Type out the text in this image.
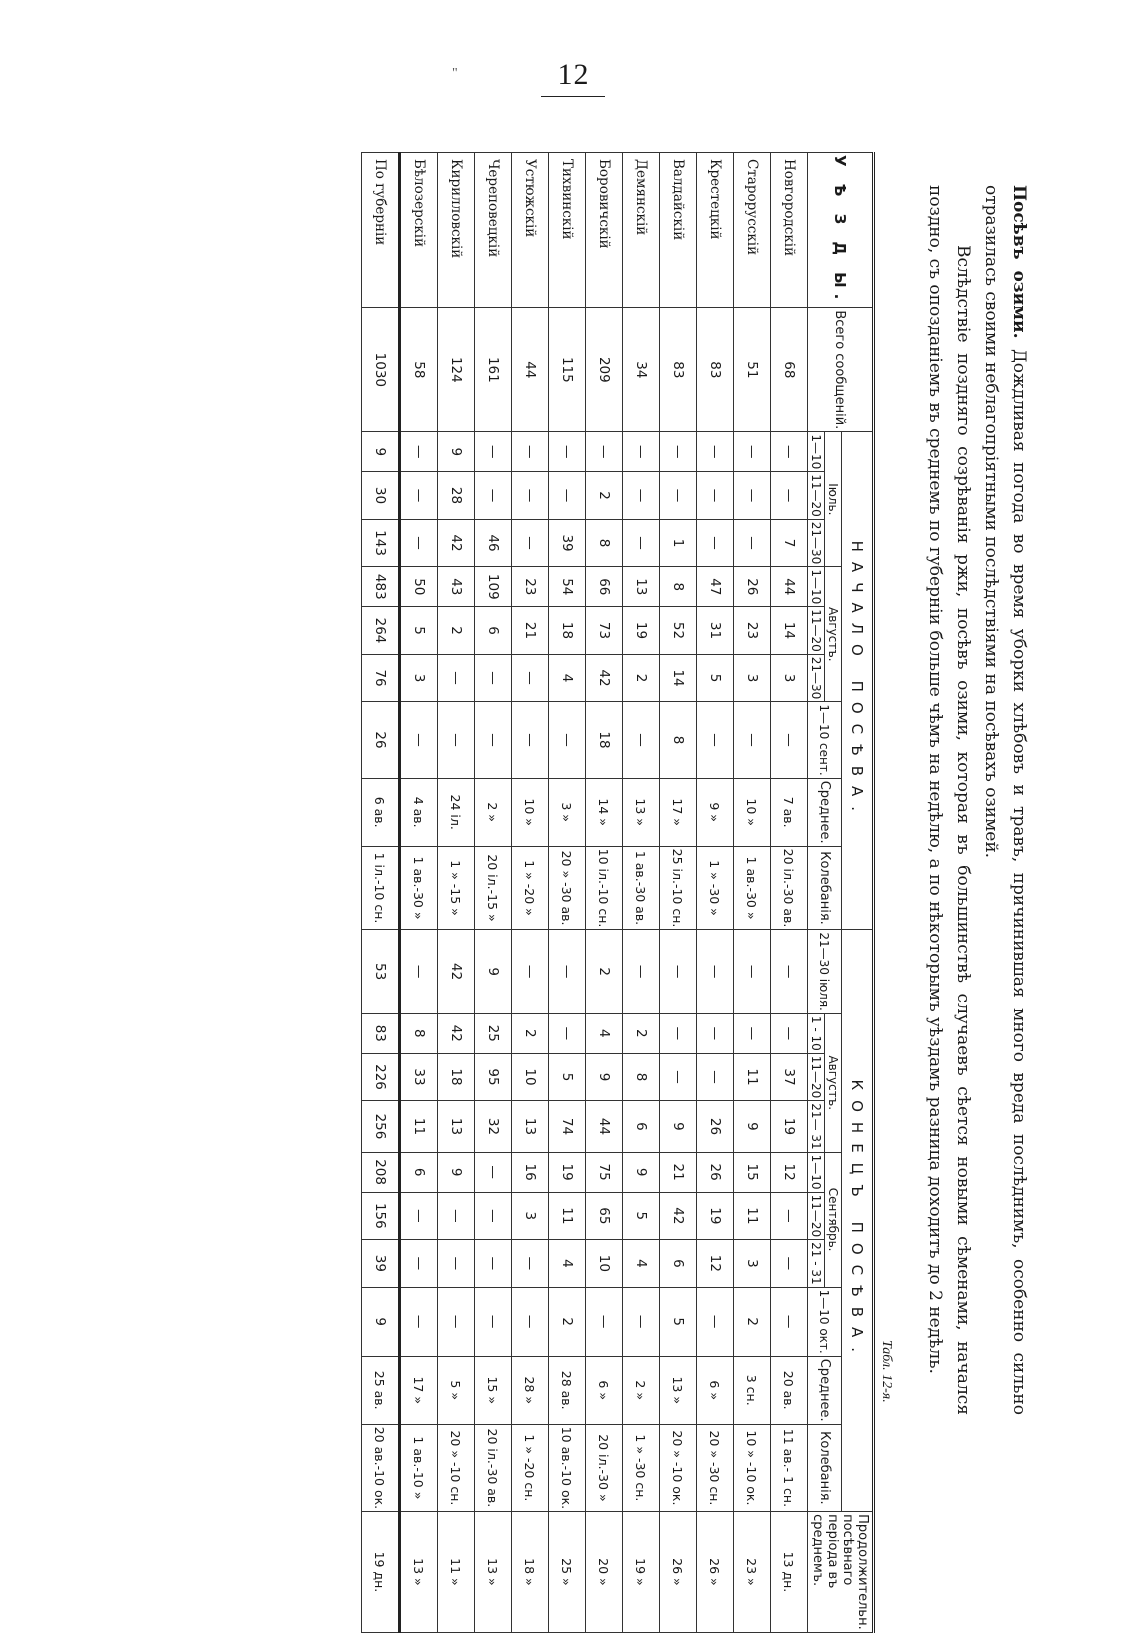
"	12

Посѣвъ озими. Дождливая погода во время уборки хлѣбовъ и травъ, причинившая много вреда послѣднимъ, особенно сильно отразилась своими неблагопріятными послѣдствіями на посѣвахъ озимей.

Вслѣдствіе поздняго созрѣванія ржи, посѣвъ озими, которая въ большинствѣ случаевъ сѣется новыми сѣменами, начался поздно, съ опозданіемъ въ среднемъ по губерніи больше чѣмъ на недѣлю, а по нѣкоторымъ уѣздамъ разница доходитъ до 2 недѣль.

Табл. 12-я.
У Ѣ З Д Ы.	Всего сообщеній.	НАЧАЛО ПОСѢВА.									КОНЕЦЪ ПОСѢВА.										Продолжительн. посѣвнаго періода въ среднемъ.
		Іюль.			Августъ.			1—10 сент.	Среднее.	Колебанія.	21—30 іюля.	Августъ.			Сентябрь.			1—10 окт.	Среднее.	Колебанія.	
		1—10	11—20	21—30	1—10	11—20	21—30					1 - 10	11—20	21— 31	1—10	11—20	21 - 31				
Новгородскій	68	—	—	7	44	14	3	—	7 ав.	20 іл.-30 ав.	—	—	37	19	12	—	—	—	20 ав.	11 ав.- 1 сн.	13 дн.
Старорусскій	51	—	—	—	26	23	3	—	10 »	1 ав.-30 »	—	—	11	9	15	11	3	2	3 сн.	10 » -10 ок.	23 »
Крестецкій	83	—	—	—	47	31	5	—	9 »	1 » -30 »	—	—	—	26	26	19	12	—	6 »	20 » -30 сн.	26 »
Валдайскій	83	—	—	1	8	52	14	8	17 »	25 іл.-10 сн.	—	—	—	9	21	42	6	5	13 »	20 » -10 ок.	26 »
Демянскій	34	—	—	—	13	19	2	—	13 »	1 ав.-30 ав.	—	2	8	6	9	5	4	—	2 »	1 » -30 сн.	19 »
Боровичскій	209	—	2	8	66	73	42	18	14 »	10 іл.-10 сн.	2	4	9	44	75	65	10	—	6 »	20 іл.-30 »	20 »
Тихвинскій	115	—	—	39	54	18	4	—	3 »	20 » -30 ав.	—	—	5	74	19	11	4	2	28 ав.	10 ав.-10 ок.	25 »
Устюжскій	44	—	—	—	23	21	—	—	10 »	1 » -20 »	—	2	10	13	16	3	—	—	28 »	1 » -20 сн.	18 »
Череповецкій	161	—	—	46	109	6	—	—	2 »	20 іл.-15 »	9	25	95	32	—	—	—	—	15 »	20 іл.-30 ав.	13 »
Кирилловскій	124	9	28	42	43	2	—	—	24 іл.	1 » -15 »	42	42	18	13	9	—	—	—	5 »	20 » -10 сн.	11 »
Бѣлозерскій	58	—	—	—	50	5	3	—	4 ав.	1 ав.-30 »	—	8	33	11	6	—	—	—	17 »	1 ав.-10 »	13 »
По губерніи	1030	9	30	143	483	264	76	26	6 ав.	1 іл.-10 сн.	53	83	226	256	208	156	39	9	25 ав.	20 ав.-10 ок.	19 дн.
